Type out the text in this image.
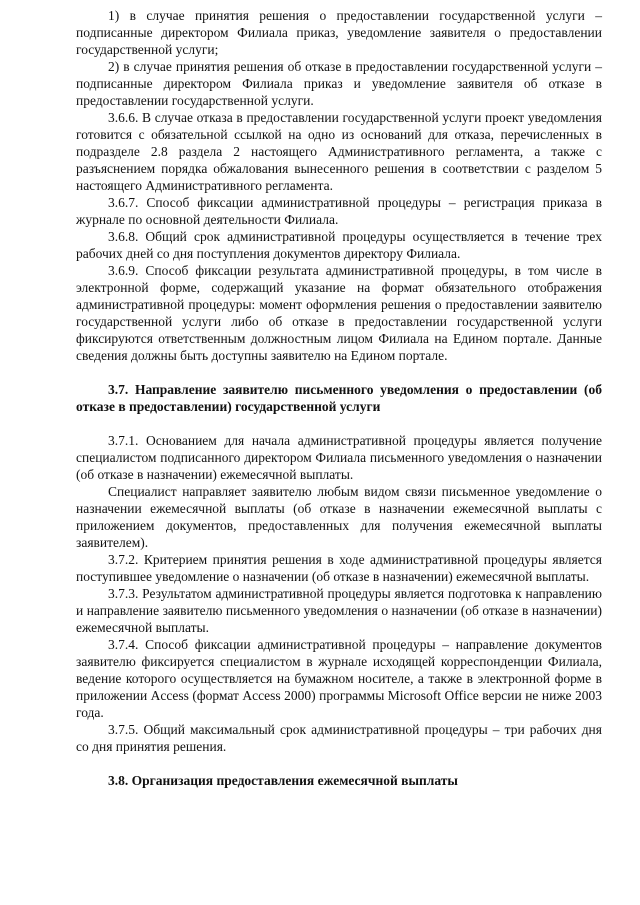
1) в случае принятия решения о предоставлении государственной услуги – подписанные директором Филиала приказ, уведомление заявителя о предоставлении государственной услуги;

2) в случае принятия решения об отказе в предоставлении государственной услуги – подписанные директором Филиала приказ и уведомление заявителя об отказе в предоставлении государственной услуги.

3.6.6. В случае отказа в предоставлении государственной услуги проект уведомления готовится с обязательной ссылкой на одно из оснований для отказа, перечисленных в подразделе 2.8 раздела 2 настоящего Административного регламента, а также с разъяснением порядка обжалования вынесенного решения в соответствии с разделом 5 настоящего Административного регламента.

3.6.7. Способ фиксации административной процедуры – регистрация приказа в журнале по основной деятельности Филиала.

3.6.8. Общий срок административной процедуры осуществляется в течение трех рабочих дней со дня поступления документов директору Филиала.

3.6.9. Способ фиксации результата административной процедуры, в том числе в электронной форме, содержащий указание на формат обязательного отображения административной процедуры: момент оформления решения о предоставлении заявителю государственной услуги либо об отказе в предоставлении государственной услуги фиксируются ответственным должностным лицом Филиала на Едином портале. Данные сведения должны быть доступны заявителю на Едином портале.

3.7. Направление заявителю письменного уведомления о предоставлении (об отказе в предоставлении) государственной услуги

3.7.1. Основанием для начала административной процедуры является получение специалистом подписанного директором Филиала письменного уведомления о назначении (об отказе в назначении) ежемесячной выплаты.

Специалист направляет заявителю любым видом связи письменное уведомление о назначении ежемесячной выплаты (об отказе в назначении ежемесячной выплаты с приложением документов, предоставленных для получения ежемесячной выплаты заявителем).

3.7.2. Критерием принятия решения в ходе административной процедуры является поступившее уведомление о назначении (об отказе в назначении) ежемесячной выплаты.

3.7.3. Результатом административной процедуры является подготовка к направлению и направление заявителю письменного уведомления о назначении (об отказе в назначении) ежемесячной выплаты.

3.7.4. Способ фиксации административной процедуры – направление документов заявителю фиксируется специалистом в журнале исходящей корреспонденции Филиала, ведение которого осуществляется на бумажном носителе, а также в электронной форме в приложении Access (формат Access 2000) программы Microsoft Office версии не ниже 2003 года.

3.7.5. Общий максимальный срок административной процедуры – три рабочих дня со дня принятия решения.

3.8. Организация предоставления ежемесячной выплаты
